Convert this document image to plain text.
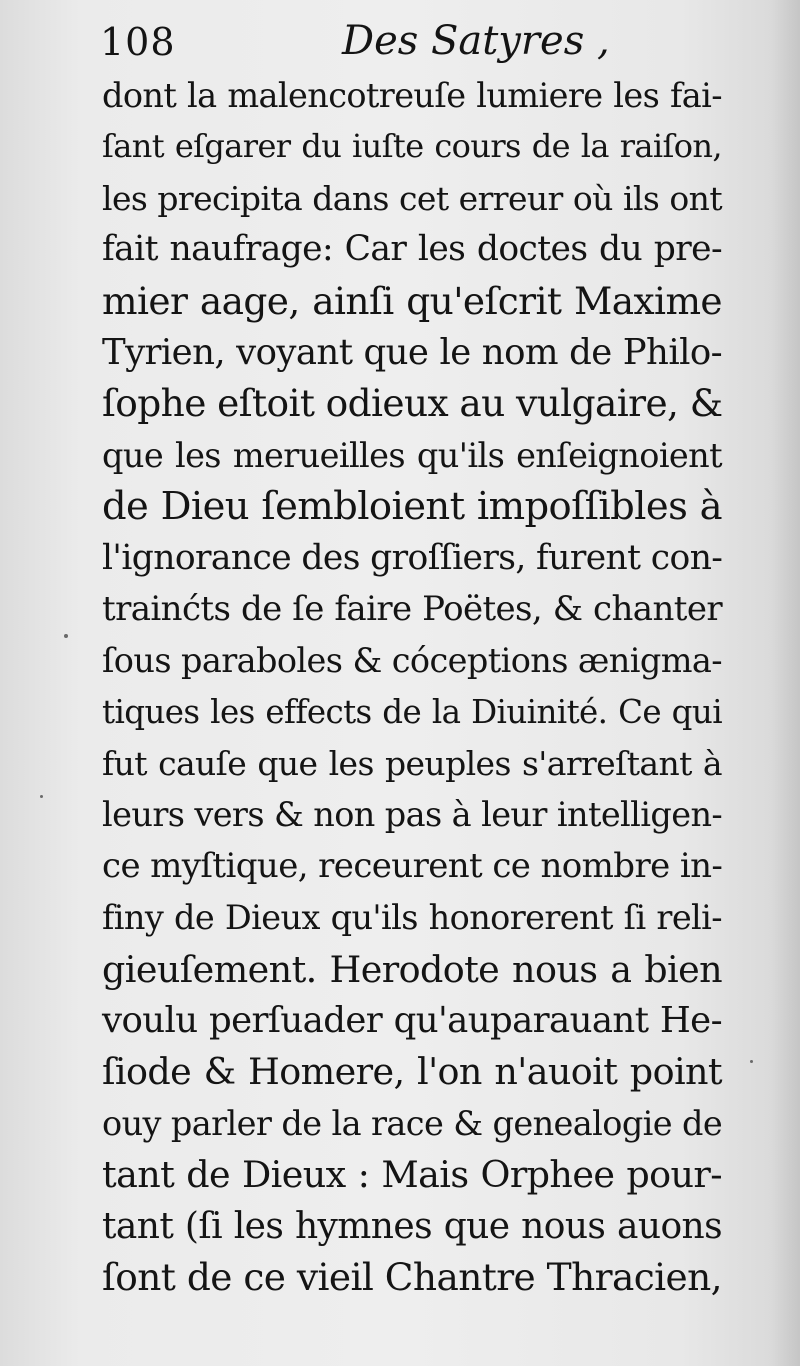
108	Des Satyres ,
dont la malencotreuſe lumiere les fai-
ſant eſgarer du iuſte cours de la raiſon,
les precipita dans cet erreur où ils ont
fait naufrage: Car les doctes du pre-
mier aage, ainſi qu'eſcrit Maxime
Tyrien, voyant que le nom de Philo-
ſophe eſtoit odieux au vulgaire, &
que les merueilles qu'ils enſeignoient
de Dieu ſembloient impoſſibles à
l'ignorance des groſſiers, furent con-
trainćts de ſe faire Poëtes, & chanter
ſous paraboles & cóceptions ænigma-
tiques les effects de la Diuinité. Ce qui
fut cauſe que les peuples s'arreſtant à
leurs vers & non pas à leur intelligen-
ce myſtique, receurent ce nombre in-
finy de Dieux qu'ils honorerent ſi reli-
gieuſement. Herodote nous a bien
voulu perſuader qu'auparauant He-
ſiode & Homere, l'on n'auoit point
ouy parler de la race & genealogie de
tant de Dieux : Mais Orphee pour-
tant (ſi les hymnes que nous auons
ſont de ce vieil Chantre Thracien,
